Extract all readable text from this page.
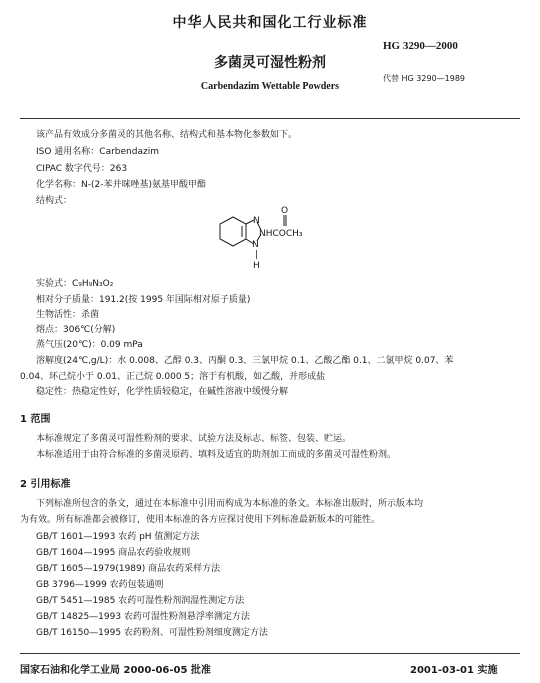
中华人民共和国化工行业标准
HG 3290—2000
多菌灵可湿性粉剂
代替 HG 3290—1989
Carbendazim Wettable Powders
该产品有效成分多菌灵的其他名称、结构式和基本物化参数如下。
ISO 通用名称：Carbendazim
CIPAC 数字代号：263
化学名称：N-(2-苯并咪唑基)氨基甲酸甲酯
结构式：
N
O
NHCOCH₃
N
|
H
实验式：C₉H₉N₃O₂
相对分子质量：191.2(按 1995 年国际相对原子质量)
生物活性：杀菌
熔点：306℃(分解)
蒸气压(20℃)：0.09 mPa
溶解度(24℃,g/L)：水 0.008、乙醇 0.3、丙酮 0.3、三氯甲烷 0.1、乙酸乙酯 0.1、二氯甲烷 0.07、苯
0.04、环己烷小于 0.01、正己烷 0.000 5；溶于有机酸，如乙酸，并形成盐
稳定性：热稳定性好，化学性质较稳定，在碱性溶液中缓慢分解
1 范围
本标准规定了多菌灵可湿性粉剂的要求、试验方法及标志、标签、包装、贮运。
本标准适用于由符合标准的多菌灵原药、填料及适宜的助剂加工而成的多菌灵可湿性粉剂。
2 引用标准
下列标准所包含的条文，通过在本标准中引用而构成为本标准的条文。本标准出版时，所示版本均
为有效。所有标准都会被修订，使用本标准的各方应探讨使用下列标准最新版本的可能性。
GB/T 1601—1993 农药 pH 值测定方法
GB/T 1604—1995 商品农药验收规则
GB/T 1605—1979(1989) 商品农药采样方法
GB 3796—1999 农药包装通则
GB/T 5451—1985 农药可湿性粉剂润湿性测定方法
GB/T 14825—1993 农药可湿性粉剂悬浮率测定方法
GB/T 16150—1995 农药粉剂、可湿性粉剂细度测定方法
国家石油和化学工业局 2000-06-05 批准	2001-03-01 实施
